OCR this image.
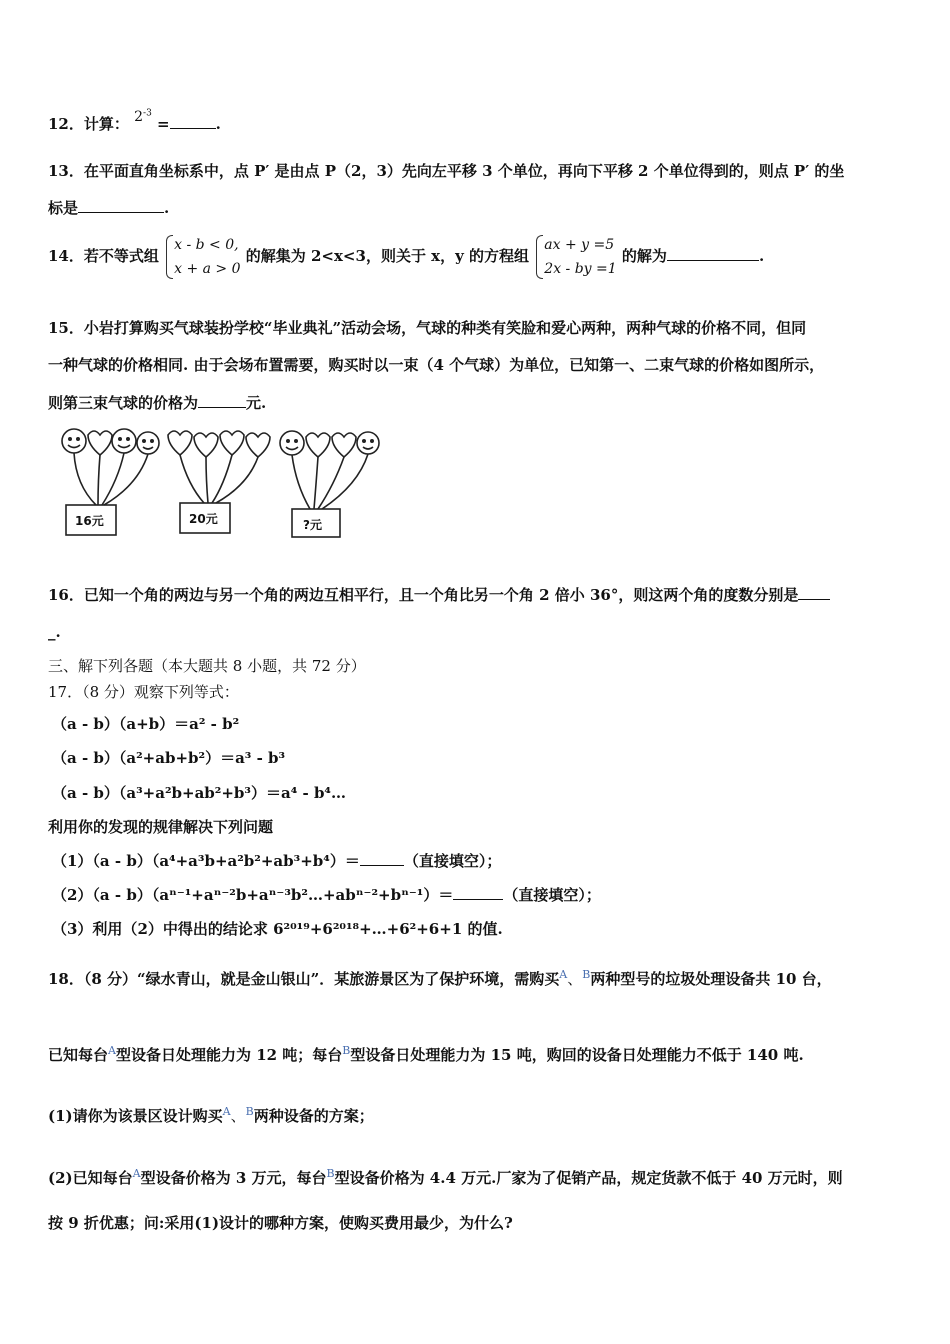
12．计算： $2^{-3}$ =	.
13．在平面直角坐标系中，点 P′ 是由点 P（2，3）先向左平移 3 个单位，再向下平移 2 个单位得到的，则点 P′ 的坐
标是	.
14．若不等式组 x - b < 0,
x + a > 0 的解集为 2<x<3，则关于 x，y 的方程组 ax + y =5
2x - by =1 的解为	.
15．小岩打算购买气球装扮学校“毕业典礼”活动会场，气球的种类有笑脸和爱心两种，两种气球的价格不同，但同
一种气球的价格相同. 由于会场布置需要，购买时以一束（4 个气球）为单位，已知第一、二束气球的价格如图所示，
则第三束气球的价格为	元.
16元	20元	?元
16．已知一个角的两边与另一个角的两边互相平行，且一个角比另一个角 2 倍小 36°，则这两个角的度数分别是
_.
三、解下列各题（本大题共 8 小题，共 72 分）
17．（8 分）观察下列等式：
（a - b）（a+b）＝a² - b²
（a - b）（a²+ab+b²）＝a³ - b³
（a - b）（a³+a²b+ab²+b³）＝a⁴ - b⁴…
利用你的发现的规律解决下列问题
（1）（a - b）（a⁴+a³b+a²b²+ab³+b⁴）＝	（直接填空）；
（2）（a - b）（aⁿ⁻¹+aⁿ⁻²b+aⁿ⁻³b²…+abⁿ⁻²+bⁿ⁻¹）＝	（直接填空）；
（3）利用（2）中得出的结论求 6²⁰¹⁹+6²⁰¹⁸+…+6²+6+1 的值.
18．（8 分）“绿水青山，就是金山银山”．某旅游景区为了保护环境，需购买$^A$、$^B$两种型号的垃圾处理设备共 10 台，
已知每台$^A$型设备日处理能力为 12 吨；每台$^B$型设备日处理能力为 15 吨，购回的设备日处理能力不低于 140 吨.
(1)请你为该景区设计购买$^A$、$^B$两种设备的方案；
(2)已知每台$^A$型设备价格为 3 万元，每台$^B$型设备价格为 4.4 万元.厂家为了促销产品，规定货款不低于 40 万元时，则
按 9 折优惠；问:采用(1)设计的哪种方案，使购买费用最少，为什么?
